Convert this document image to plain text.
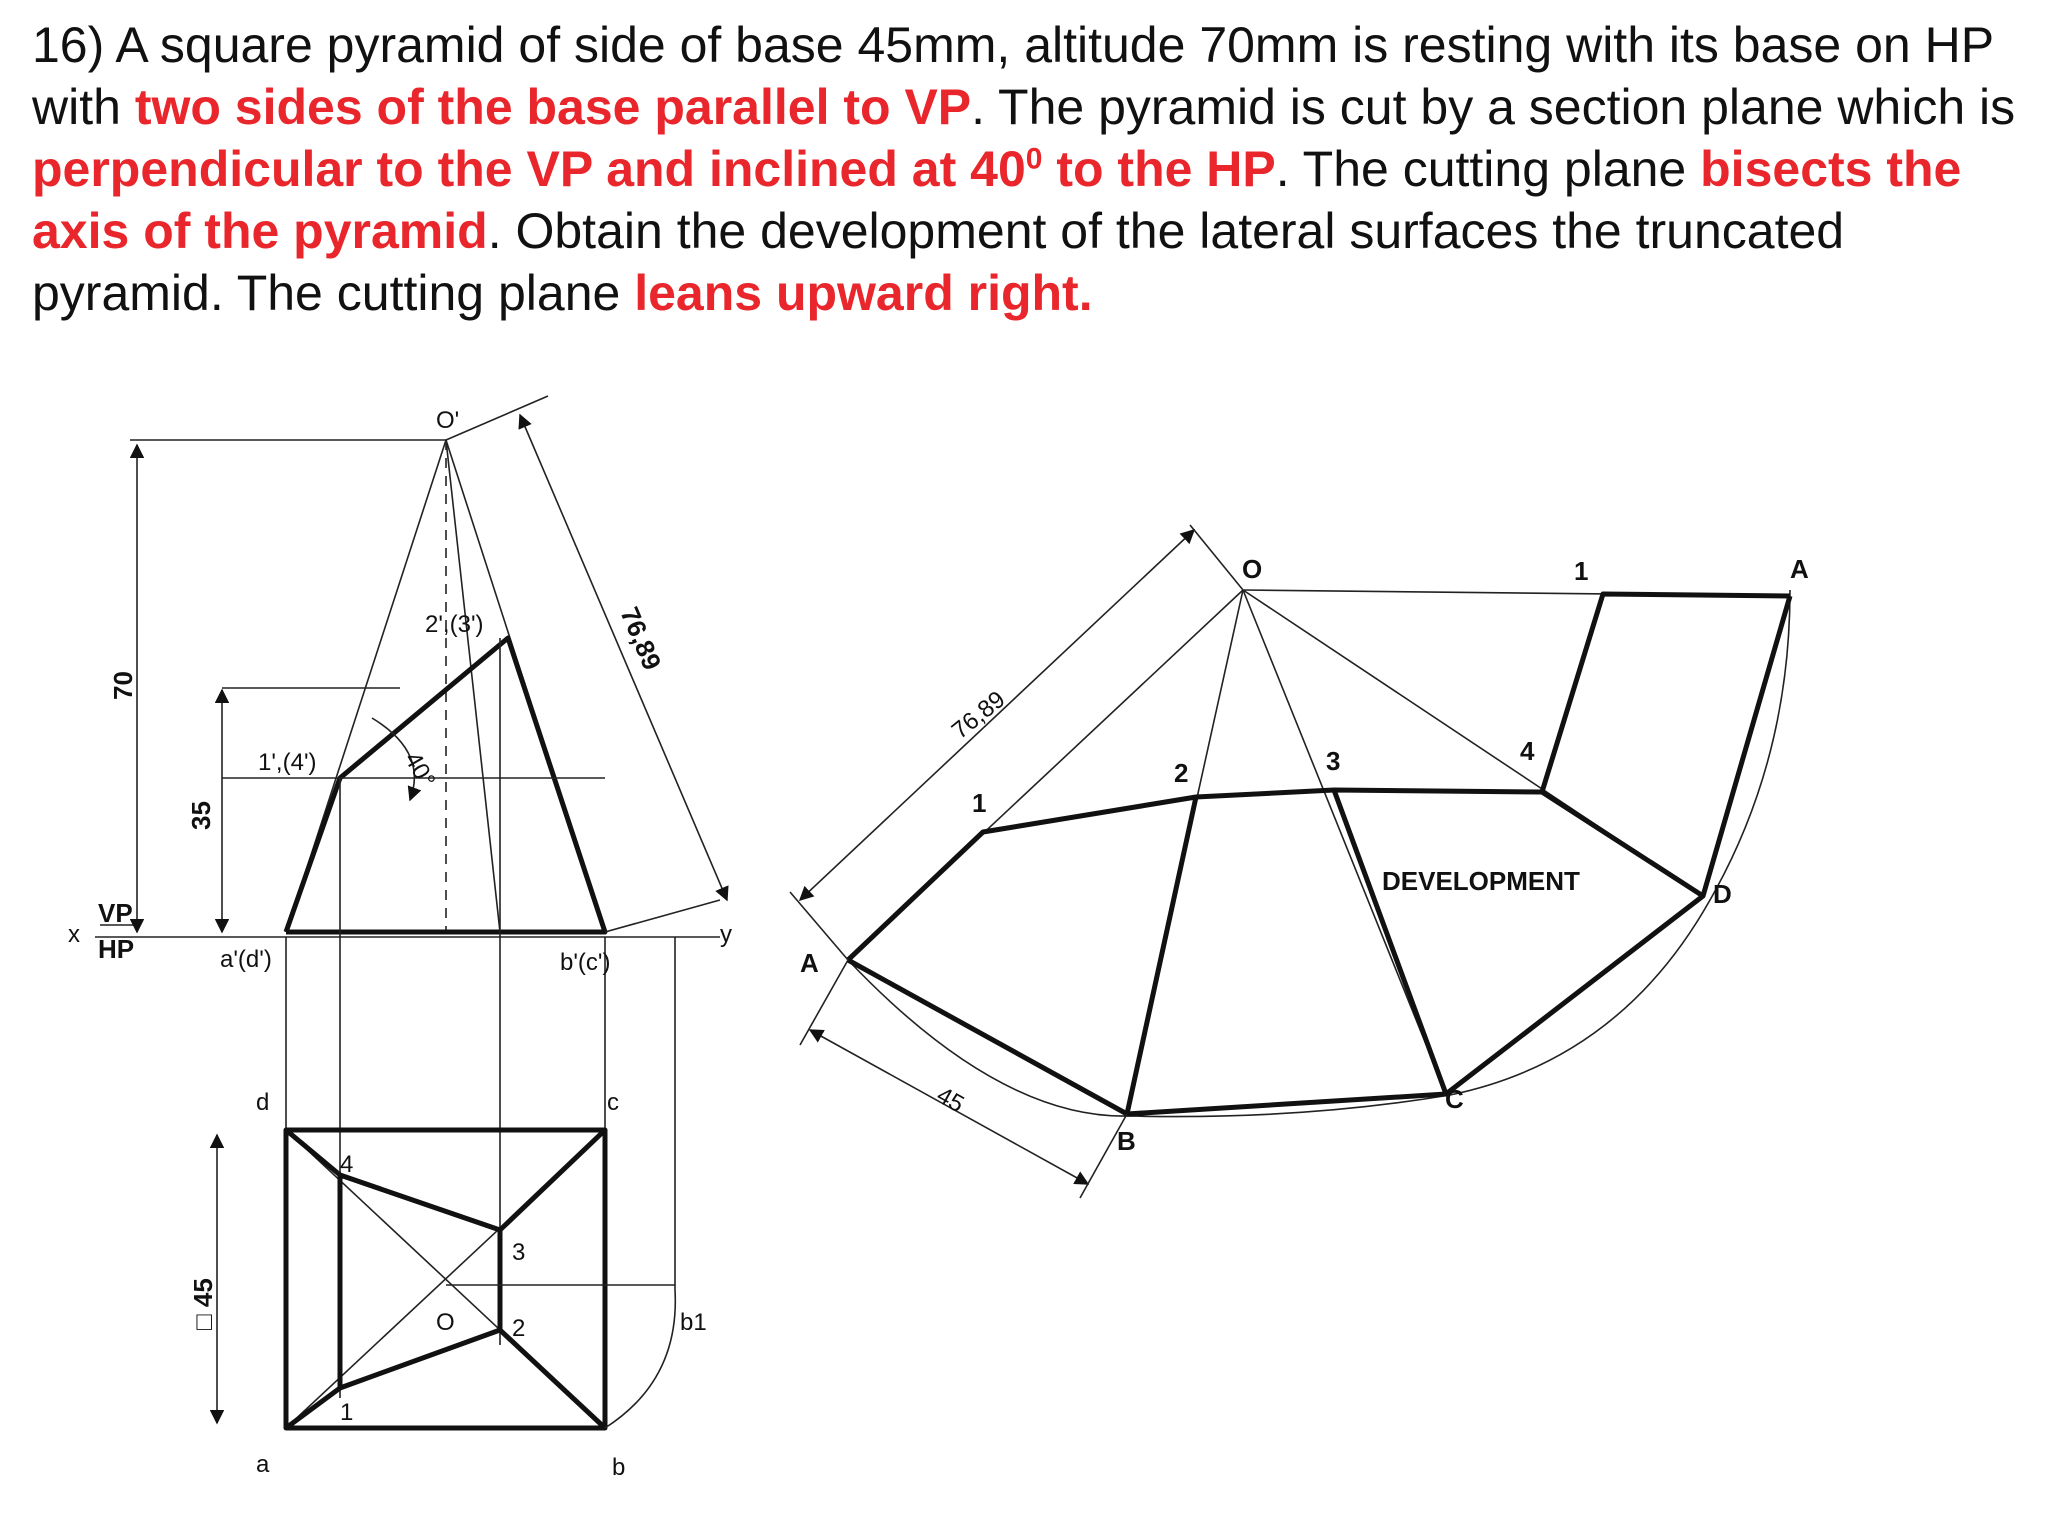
16) A square pyramid of side of base 45mm, altitude 70mm is resting with its base on HP with two sides of the base parallel to VP. The pyramid is cut by a section plane which is perpendicular to the VP and inclined at $40^0$ to the HP. The cutting plane bisects the axis of the pyramid. Obtain the development of the lateral surfaces the truncated pyramid. The cutting plane leans upward right.

O'
x	y
VP
HP
70
35
76,89
40°
1',(4')
2',(3')
a'(d')	b'(c')
d	c
a	b
b1
O
1
2
3
4
□ 45
DEVELOPMENT
O
76,89
45
A
B
C
D
A
1
2	3	4
1
